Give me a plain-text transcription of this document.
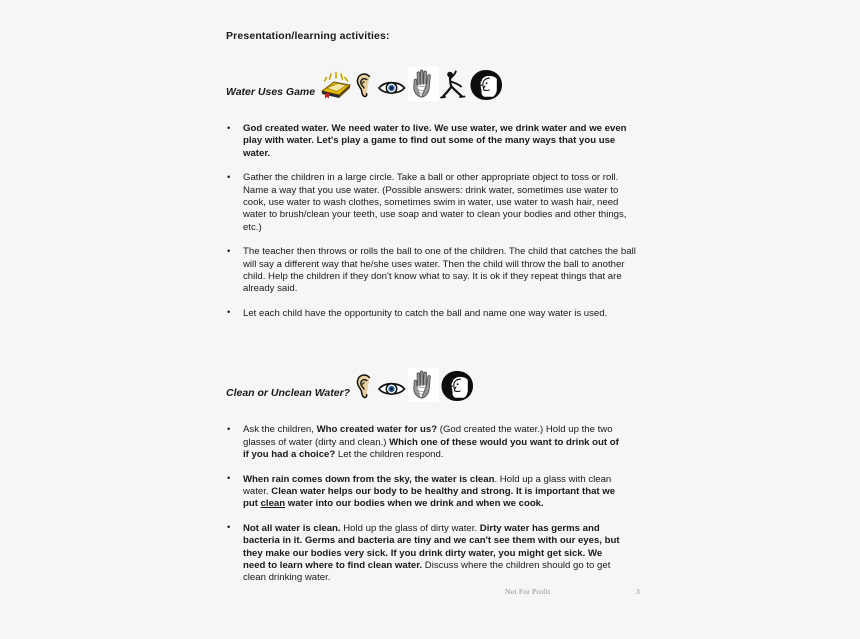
Presentation/learning activities:
Water Uses Game
• God created water. We need water to live. We use water, we drink water and we even play with water. Let's play a game to find out some of the many ways that you use water.
• Gather the children in a large circle. Take a ball or other appropriate object to toss or roll. Name a way that you use water. (Possible answers: drink water, sometimes use water to cook, use water to wash clothes, sometimes swim in water, use water to wash hair, need water to brush/clean your teeth, use soap and water to clean your bodies and other things, etc.)
• The teacher then throws or rolls the ball to one of the children. The child that catches the ball will say a different way that he/she uses water. Then the child will throw the ball to another child. Help the children if they don't know what to say. It is ok if they repeat things that are already said.
• Let each child have the opportunity to catch the ball and name one way water is used.
Clean or Unclean Water?
• Ask the children, Who created water for us? (God created the water.) Hold up the two glasses of water (dirty and clean.) Which one of these would you want to drink out of if you had a choice? Let the children respond.
• When rain comes down from the sky, the water is clean. Hold up a glass with clean water. Clean water helps our body to be healthy and strong. It is important that we put clean water into our bodies when we drink and when we cook.
• Not all water is clean. Hold up the glass of dirty water. Dirty water has germs and bacteria in it. Germs and bacteria are tiny and we can't see them with our eyes, but they make our bodies very sick. If you drink dirty water, you might get sick. We need to learn where to find clean water. Discuss where the children should go to get clean drinking water.
Not For Profit	3
